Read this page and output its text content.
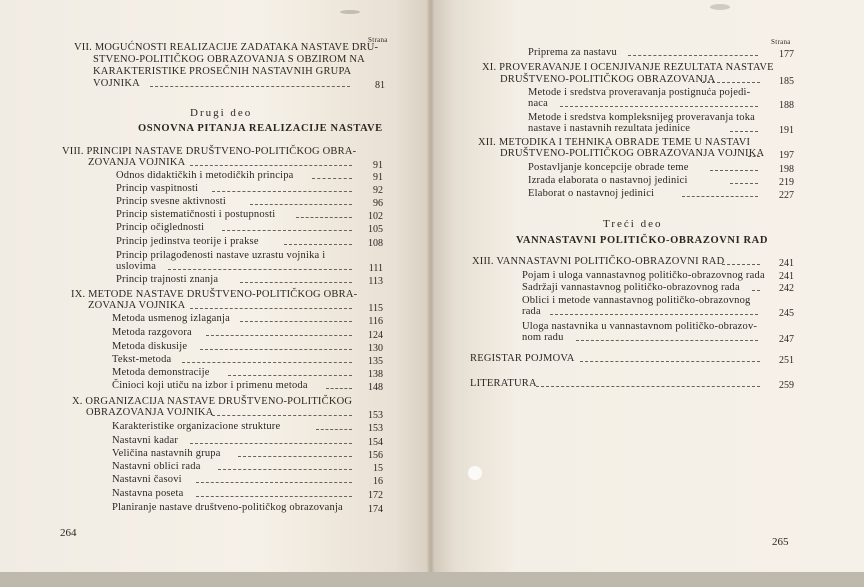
Strana
VII. MOGUĆNOSTI REALIZACIJE ZADATAKA NASTAVE DRU-
STVENO-POLITIČKOG OBRAZOVANJA S OBZIROM NA
KARAKTERISTIKE PROSEČNIH NASTAVNIH GRUPA
VOJNIKA	81
Drugi deo
OSNOVNA PITANJA REALIZACIJE NASTAVE
VIII. PRINCIPI NASTAVE DRUŠTVENO-POLITIČKOG OBRA-
ZOVANJA VOJNIKA	91
Odnos didaktičkih i metodičkih principa	91
Princip vaspitnosti	92
Princip svesne aktivnosti	96
Princip sistematičnosti i postupnosti	102
Princip očiglednosti	105
Princip jedinstva teorije i prakse	108
Princip prilagođenosti nastave uzrastu vojnika i
uslovima	111
Princip trajnosti znanja	113
IX. METODE NASTAVE DRUŠTVENO-POLITIČKOG OBRA-
ZOVANJA VOJNIKA	115
Metoda usmenog izlaganja	116
Metoda razgovora	124
Metoda diskusije	130
Tekst-metoda	135
Metoda demonstracije	138
Činioci koji utiču na izbor i primenu metoda	148
X. ORGANIZACIJA NASTAVE DRUŠTVENO-POLITIČKOG
OBRAZOVANJA VOJNIKA	153
Karakteristike organizacione strukture	153
Nastavni kadar	154
Veličina nastavnih grupa	156
Nastavni oblici rada	15
Nastavni časovi	16
Nastavna poseta	172
Planiranje nastave društveno-političkog obrazovanja	174
264
Strana
Priprema za nastavu	177
XI. PROVERAVANJE I OCENJIVANJE REZULTATA NASTAVE
DRUŠTVENO-POLITIČKOG OBRAZOVANJA	185
Metode i sredstva proveravanja postignuća pojedi-
naca	188
Metode i sredstva kompleksnijeg proveravanja toka
nastave i nastavnih rezultata jedinice	191
XII. METODIKA I TEHNIKA OBRADE TEME U NASTAVI
DRUŠTVENO-POLITIČKOG OBRAZOVANJA VOJNIKA	197
Postavljanje koncepcije obrade teme	198
Izrada elaborata o nastavnoj jedinici	219
Elaborat o nastavnoj jedinici	227
Treći deo
VANNASTAVNI POLITIČKO-OBRAZOVNI RAD
XIII. VANNASTAVNI POLITIČKO-OBRAZOVNI RAD	241
Pojam i uloga vannastavnog političko-obrazovnog rada	241
Sadržaji vannastavnog političko-obrazovnog rada	242
Oblici i metode vannastavnog političko-obrazovnog
rada	245
Uloga nastavnika u vannastavnom političko-obrazov-
nom radu	247
REGISTAR POJMOVA	251
LITERATURA	259
265
